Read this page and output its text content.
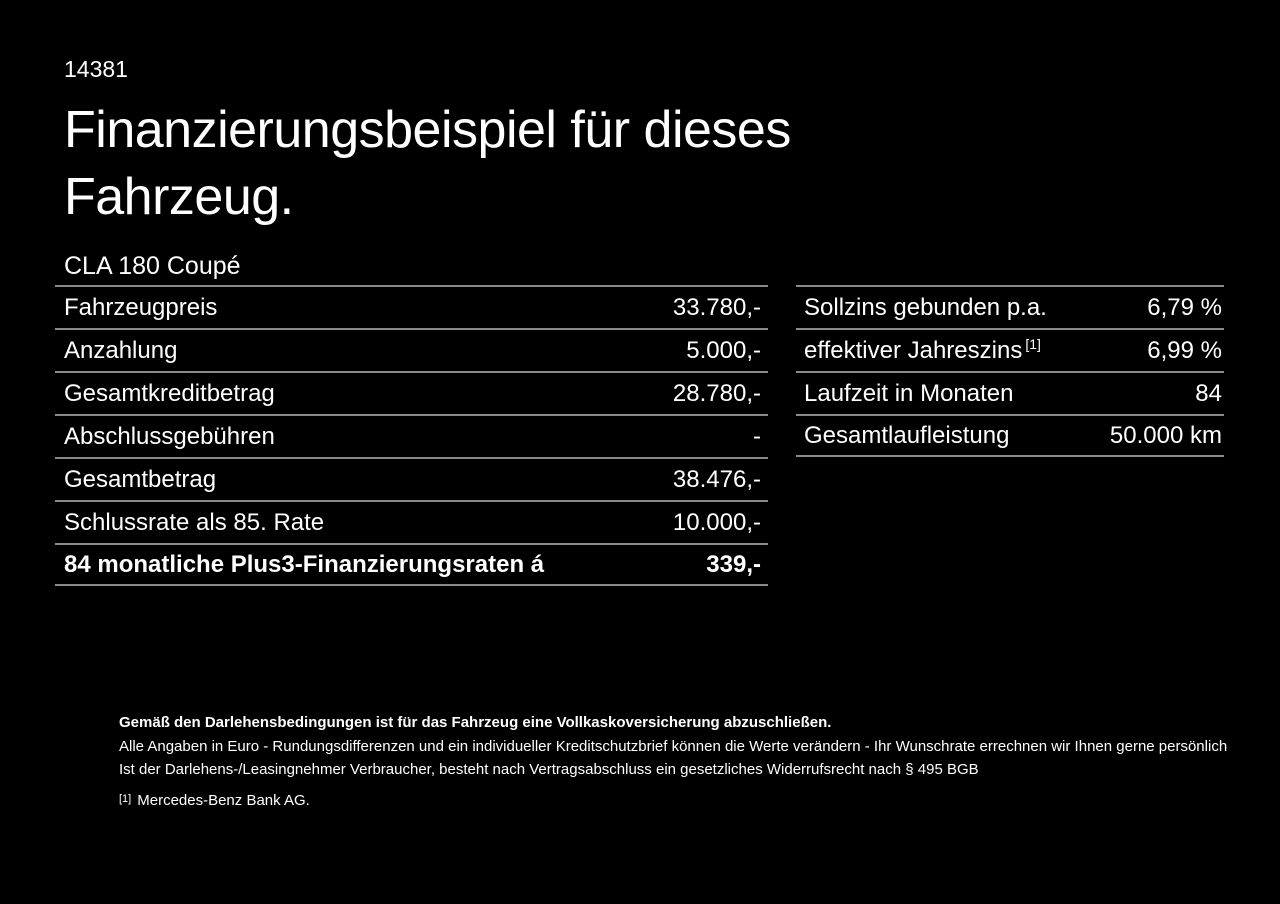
14381
Finanzierungsbeispiel für dieses Fahrzeug.
CLA 180 Coupé
Fahrzeugpreis	33.780,-
Anzahlung	5.000,-
Gesamtkreditbetrag	28.780,-
Abschlussgebühren	-
Gesamtbetrag	38.476,-
Schlussrate als 85. Rate	10.000,-
84 monatliche Plus3-Finanzierungsraten á	339,-
Sollzins gebunden p.a.	6,79 %
effektiver Jahreszins [1]	6,99 %
Laufzeit in Monaten	84
Gesamtlaufleistung	50.000 km
Gemäß den Darlehensbedingungen ist für das Fahrzeug eine Vollkaskoversicherung abzuschließen.
Alle Angaben in Euro - Rundungsdifferenzen und ein individueller Kreditschutzbrief können die Werte verändern - Ihr Wunschrate errechnen wir Ihnen gerne persönlich
Ist der Darlehens-/Leasingnehmer Verbraucher, besteht nach Vertragsabschluss ein gesetzliches Widerrufsrecht nach § 495 BGB
[1] Mercedes-Benz Bank AG.
